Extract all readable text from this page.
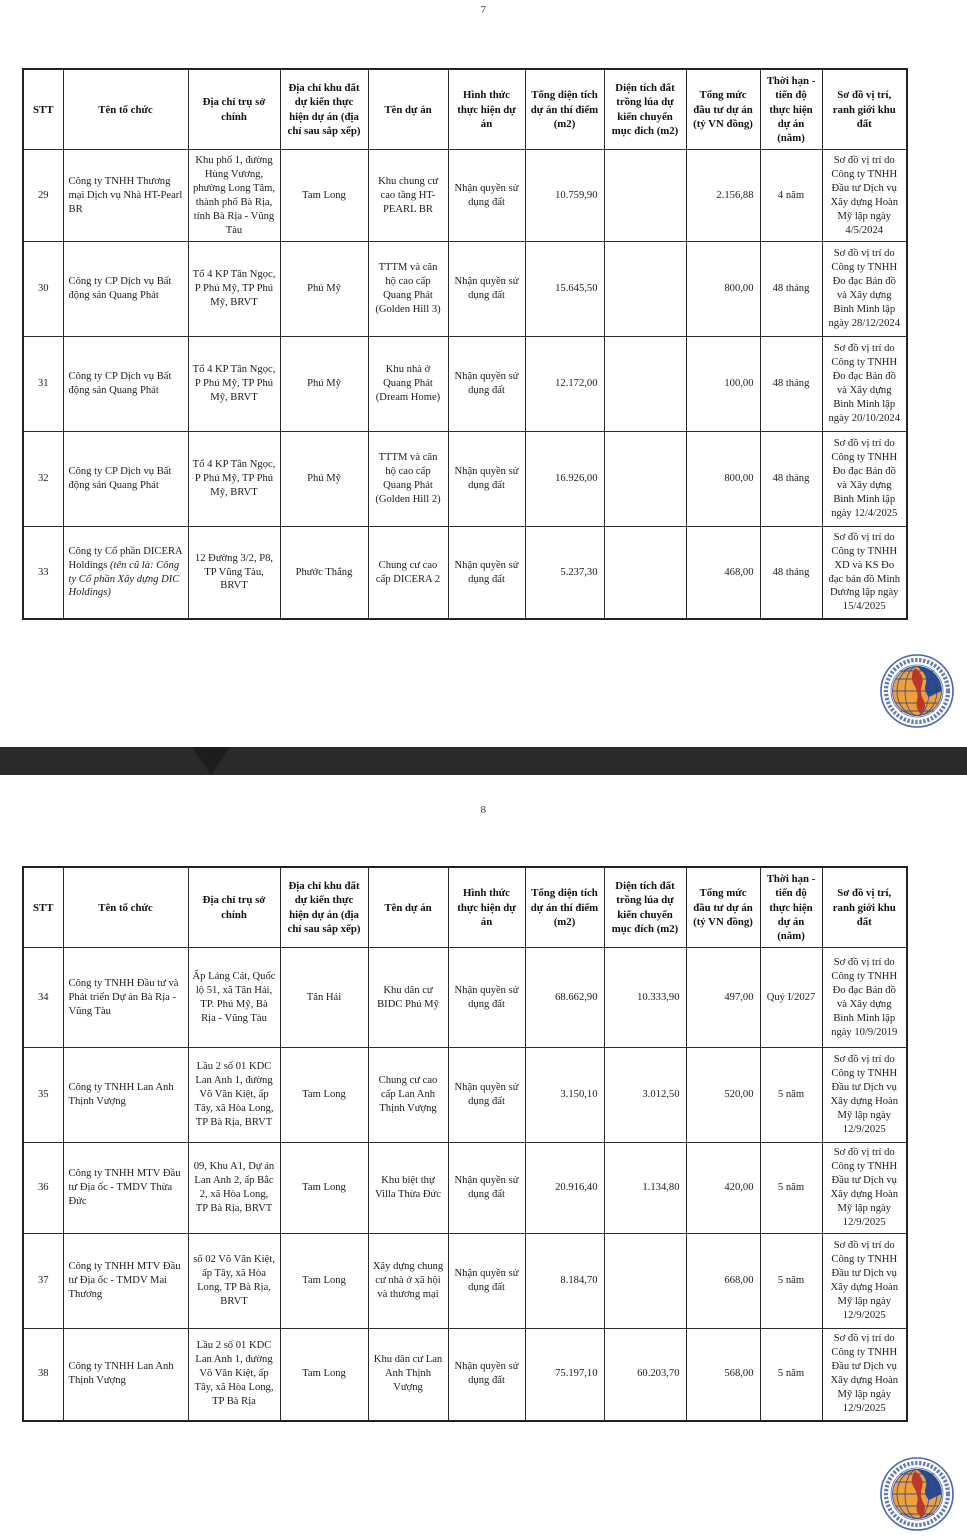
7
STT	Tên tổ chức	Địa chỉ trụ sở chính	Địa chỉ khu đất dự kiến thực hiện dự án (địa chỉ sau sắp xếp)	Tên dự án	Hình thức thực hiện dự án	Tổng diện tích dự án thí điểm (m2)	Diện tích đất trồng lúa dự kiến chuyển mục đích (m2)	Tổng mức đầu tư dự án (tỷ VN đồng)	Thời hạn - tiến độ thực hiện dự án (năm)	Sơ đồ vị trí, ranh giới khu đất
29	Công ty TNHH Thương mại Dịch vụ Nhà HT-Pearl BR	Khu phố 1, đường Hùng Vương, phường Long Tâm, thành phố Bà Rịa, tỉnh Bà Rịa - Vũng Tàu	Tam Long	Khu chung cư cao tầng HT-PEARL BR	Nhận quyền sử dụng đất	10.759,90		2.156,88	4 năm	Sơ đồ vị trí do Công ty TNHH Đầu tư Dịch vụ Xây dựng Hoàn Mỹ lập ngày 4/5/2024
30	Công ty CP Dịch vụ Bất động sản Quang Phát	Tổ 4 KP Tân Ngọc, P Phú Mỹ, TP Phú Mỹ, BRVT	Phú Mỹ	TTTM và căn hộ cao cấp Quang Phát (Golden Hill 3)	Nhận quyền sử dụng đất	15.645,50		800,00	48 tháng	Sơ đồ vị trí do Công ty TNHH Đo đạc Bản đồ và Xây dựng Bình Minh lập ngày 28/12/2024
31	Công ty CP Dịch vụ Bất động sản Quang Phát	Tổ 4 KP Tân Ngọc, P Phú Mỹ, TP Phú Mỹ, BRVT	Phú Mỹ	Khu nhà ở Quang Phát (Dream Home)	Nhận quyền sử dụng đất	12.172,00		100,00	48 tháng	Sơ đồ vị trí do Công ty TNHH Đo đạc Bản đồ và Xây dựng Bình Minh lập ngày 20/10/2024
32	Công ty CP Dịch vụ Bất động sản Quang Phát	Tổ 4 KP Tân Ngọc, P Phú Mỹ, TP Phú Mỹ, BRVT	Phú Mỹ	TTTM và căn hộ cao cấp Quang Phát (Golden Hill 2)	Nhận quyền sử dụng đất	16.926,00		800,00	48 tháng	Sơ đồ vị trí do Công ty TNHH Đo đạc Bản đồ và Xây dựng Bình Minh lập ngày 12/4/2025
33	Công ty Cổ phần DICERA Holdings (tên cũ là: Công ty Cổ phần Xây dựng DIC Holdings)	12 Đường 3/2, P8, TP Vũng Tàu, BRVT	Phước Thắng	Chung cư cao cấp DICERA 2	Nhận quyền sử dụng đất	5.237,30		468,00	48 tháng	Sơ đồ vị trí do Công ty TNHH XD và KS Đo đạc bản đồ Minh Dương lập ngày 15/4/2025
8
STT	Tên tổ chức	Địa chỉ trụ sở chính	Địa chỉ khu đất dự kiến thực hiện dự án (địa chỉ sau sắp xếp)	Tên dự án	Hình thức thực hiện dự án	Tổng diện tích dự án thí điểm (m2)	Diện tích đất trồng lúa dự kiến chuyển mục đích (m2)	Tổng mức đầu tư dự án (tỷ VN đồng)	Thời hạn - tiến độ thực hiện dự án (năm)	Sơ đồ vị trí, ranh giới khu đất
34	Công ty TNHH Đầu tư và Phát triển Dự án Bà Rịa - Vũng Tàu	Ấp Láng Cát, Quốc lộ 51, xã Tân Hải, TP. Phú Mỹ, Bà Rịa - Vũng Tàu	Tân Hải	Khu dân cư BIDC Phú Mỹ	Nhận quyền sử dụng đất	68.662,90	10.333,90	497,00	Quý I/2027	Sơ đồ vị trí do Công ty TNHH Đo đạc Bản đồ và Xây dựng Bình Minh lập ngày 10/9/2019
35	Công ty TNHH Lan Anh Thịnh Vượng	Lầu 2 số 01 KDC Lan Anh 1, đường Võ Văn Kiệt, ấp Tây, xã Hòa Long, TP Bà Rịa, BRVT	Tam Long	Chung cư cao cấp Lan Anh Thịnh Vượng	Nhận quyền sử dụng đất	3.150,10	3.012,50	520,00	5 năm	Sơ đồ vị trí do Công ty TNHH Đầu tư Dịch vụ Xây dựng Hoàn Mỹ lập ngày 12/9/2025
36	Công ty TNHH MTV Đầu tư Địa ốc - TMDV Thừa Đức	09, Khu A1, Dự án Lan Anh 2, ấp Bắc 2, xã Hòa Long, TP Bà Rịa, BRVT	Tam Long	Khu biệt thự Villa Thừa Đức	Nhận quyền sử dụng đất	20.916,40	1.134,80	420,00	5 năm	Sơ đồ vị trí do Công ty TNHH Đầu tư Dịch vụ Xây dựng Hoàn Mỹ lập ngày 12/9/2025
37	Công ty TNHH MTV Đầu tư Địa ốc - TMDV Mai Thương	số 02 Võ Văn Kiệt, ấp Tây, xã Hòa Long, TP Bà Rịa, BRVT	Tam Long	Xây dựng chung cư nhà ở xã hội và thương mại	Nhận quyền sử dụng đất	8.184,70		668,00	5 năm	Sơ đồ vị trí do Công ty TNHH Đầu tư Dịch vụ Xây dựng Hoàn Mỹ lập ngày 12/9/2025
38	Công ty TNHH Lan Anh Thịnh Vượng	Lầu 2 số 01 KDC Lan Anh 1, đường Võ Văn Kiệt, ấp Tây, xã Hòa Long, TP Bà Rịa	Tam Long	Khu dân cư Lan Anh Thịnh Vượng	Nhận quyền sử dụng đất	75.197,10	60.203,70	568,00	5 năm	Sơ đồ vị trí do Công ty TNHH Đầu tư Dịch vụ Xây dựng Hoàn Mỹ lập ngày 12/9/2025
